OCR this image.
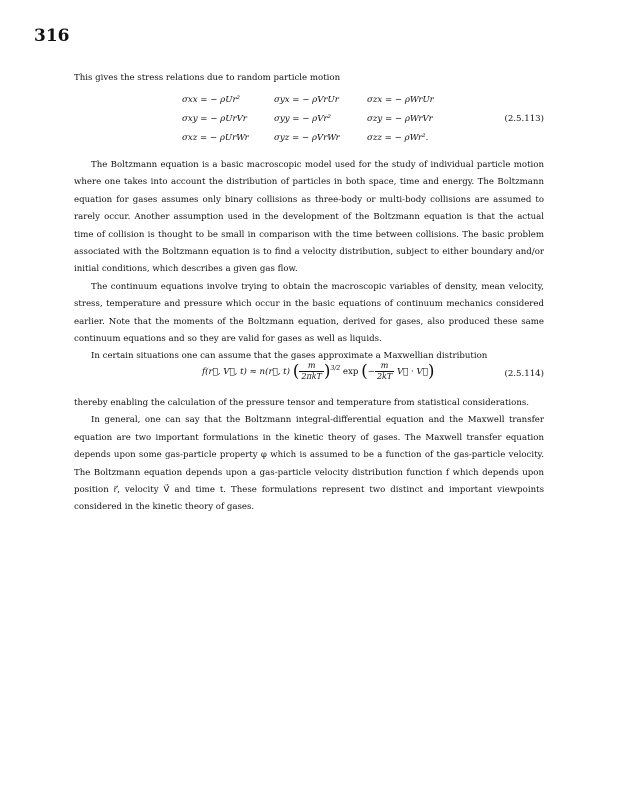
316

This gives the stress relations due to random particle motion

σxx = − ρUr²	σyx = − ρVrUr	σzx = − ρWrUr
σxy = − ρUrVr	σyy = − ρVr²	σzy = − ρWrVr	(2.5.113)
σxz = − ρUrWr	σyz = − ρVrWr	σzz = − ρWr².

The Boltzmann equation is a basic macroscopic model used for the study of individual particle motion where one takes into account the distribution of particles in both space, time and energy. The Boltzmann equation for gases assumes only binary collisions as three-body or multi-body collisions are assumed to rarely occur. Another assumption used in the development of the Boltzmann equation is that the actual time of collision is thought to be small in comparison with the time between collisions. The basic problem associated with the Boltzmann equation is to find a velocity distribution, subject to either boundary and/or initial conditions, which describes a given gas flow.

The continuum equations involve trying to obtain the macroscopic variables of density, mean velocity, stress, temperature and pressure which occur in the basic equations of continuum mechanics considered earlier. Note that the moments of the Boltzmann equation, derived for gases, also produced these same continuum equations and so they are valid for gases as well as liquids.

In certain situations one can assume that the gases approximate a Maxwellian distribution

f(r⃗, V⃗, t) ≈ n(r⃗, t) ( $\frac{m}{\text{2πkT}} )^{3/2}$ exp (− $\frac{m}{2kT}$ V⃗ · V⃗)	(2.5.114)

thereby enabling the calculation of the pressure tensor and temperature from statistical considerations.

In general, one can say that the Boltzmann integral-differential equation and the Maxwell transfer equation are two important formulations in the kinetic theory of gases. The Maxwell transfer equation depends upon some gas-particle property φ which is assumed to be a function of the gas-particle velocity. The Boltzmann equation depends upon a gas-particle velocity distribution function f which depends upon position r⃗, velocity V⃗ and time t. These formulations represent two distinct and important viewpoints considered in the kinetic theory of gases.
